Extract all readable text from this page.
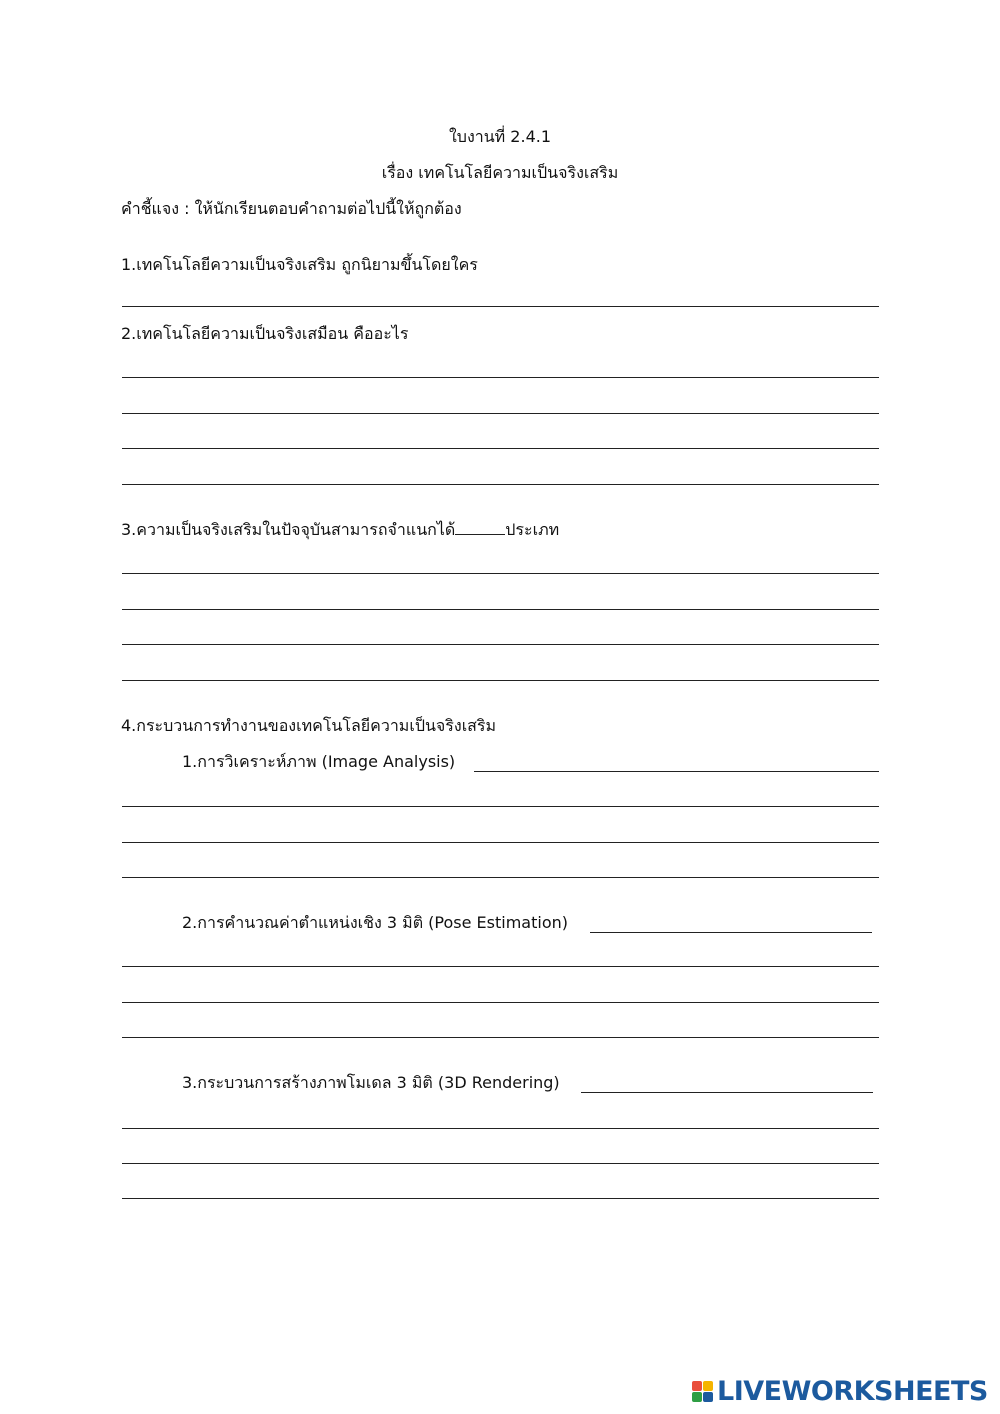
ใบงานที่ 2.4.1
เรื่อง เทคโนโลยีความเป็นจริงเสริม
คำชี้แจง : ให้นักเรียนตอบคำถามต่อไปนี้ให้ถูกต้อง
1.เทคโนโลยีความเป็นจริงเสริม ถูกนิยามขึ้นโดยใคร
2.เทคโนโลยีความเป็นจริงเสมือน คืออะไร
3.ความเป็นจริงเสริมในปัจจุบันสามารถจำแนกได้	ประเภท
4.กระบวนการทำงานของเทคโนโลยีความเป็นจริงเสริม
1.การวิเคราะห์ภาพ (Image Analysis)
2.การคำนวณค่าตำแหน่งเชิง 3 มิติ (Pose Estimation)
3.กระบวนการสร้างภาพโมเดล 3 มิติ (3D Rendering)
LIVEWORKSHEETS
